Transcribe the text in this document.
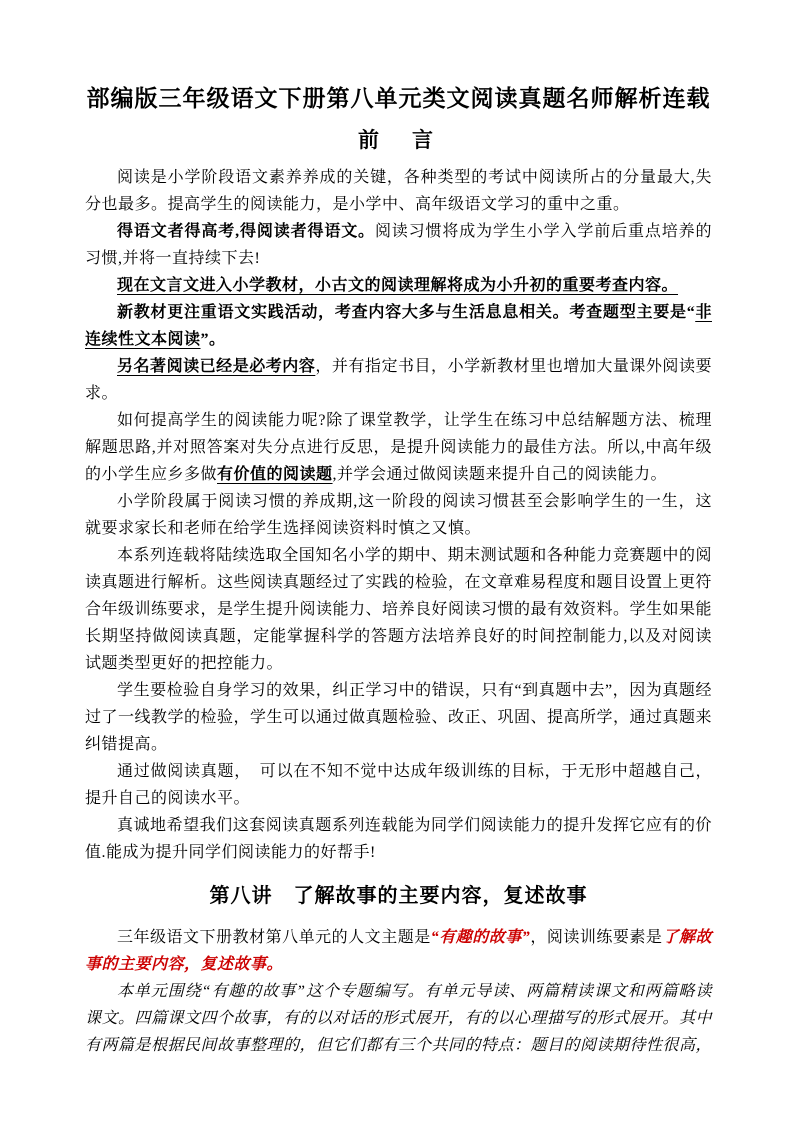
部编版三年级语文下册第八单元类文阅读真题名师解析连载
前　言

阅读是小学阶段语文素养养成的关键，各种类型的考试中阅读所占的分量最大,失分也最多。提高学生的阅读能力，是小学中、高年级语文学习的重中之重。

得语文者得高考,得阅读者得语文。阅读习惯将成为学生小学入学前后重点培养的习惯,并将一直持续下去!

现在文言文进入小学教材，小古文的阅读理解将成为小升初的重要考查内容。

新教材更注重语文实践活动，考查内容大多与生活息息相关。考查题型主要是“非连续性文本阅读”。

另名著阅读已经是必考内容，并有指定书目，小学新教材里也增加大量课外阅读要求。

如何提高学生的阅读能力呢?除了课堂教学，让学生在练习中总结解题方法、梳理解题思路,并对照答案对失分点进行反思，是提升阅读能力的最佳方法。所以,中高年级的小学生应乡多做有价值的阅读题,并学会通过做阅读题来提升自己的阅读能力。

小学阶段属于阅读习惯的养成期,这一阶段的阅读习惯甚至会影响学生的一生，这就要求家长和老师在给学生选择阅读资料时慎之又慎。

本系列连载将陆续选取全国知名小学的期中、期末测试题和各种能力竞赛题中的阅读真题进行解析。这些阅读真题经过了实践的检验，在文章难易程度和题目设置上更符合年级训练要求，是学生提升阅读能力、培养良好阅读习惯的最有效资料。学生如果能长期坚持做阅读真题，定能掌握科学的答题方法培养良好的时间控制能力,以及对阅读试题类型更好的把控能力。

学生要检验自身学习的效果，纠正学习中的错误，只有“到真题中去”，因为真题经过了一线教学的检验，学生可以通过做真题检验、改正、巩固、提高所学，通过真题来纠错提高。

通过做阅读真题，　可以在不知不觉中达成年级训练的目标，于无形中超越自己，提升自己的阅读水平。

真诚地希望我们这套阅读真题系列连载能为同学们阅读能力的提升发挥它应有的价值.能成为提升同学们阅读能力的好帮手!

第八讲　了解故事的主要内容，复述故事

三年级语文下册教材第八单元的人文主题是“有趣的故事”，阅读训练要素是了解故事的主要内容，复述故事。

本单元围绕“有趣的故事”这个专题编写。有单元导读、两篇精读课文和两篇略读课文。四篇课文四个故事，有的以对话的形式展开，有的以心理描写的形式展开。其中有两篇是根据民间故事整理的，但它们都有三个共同的特点：题目的阅读期待性很高，
